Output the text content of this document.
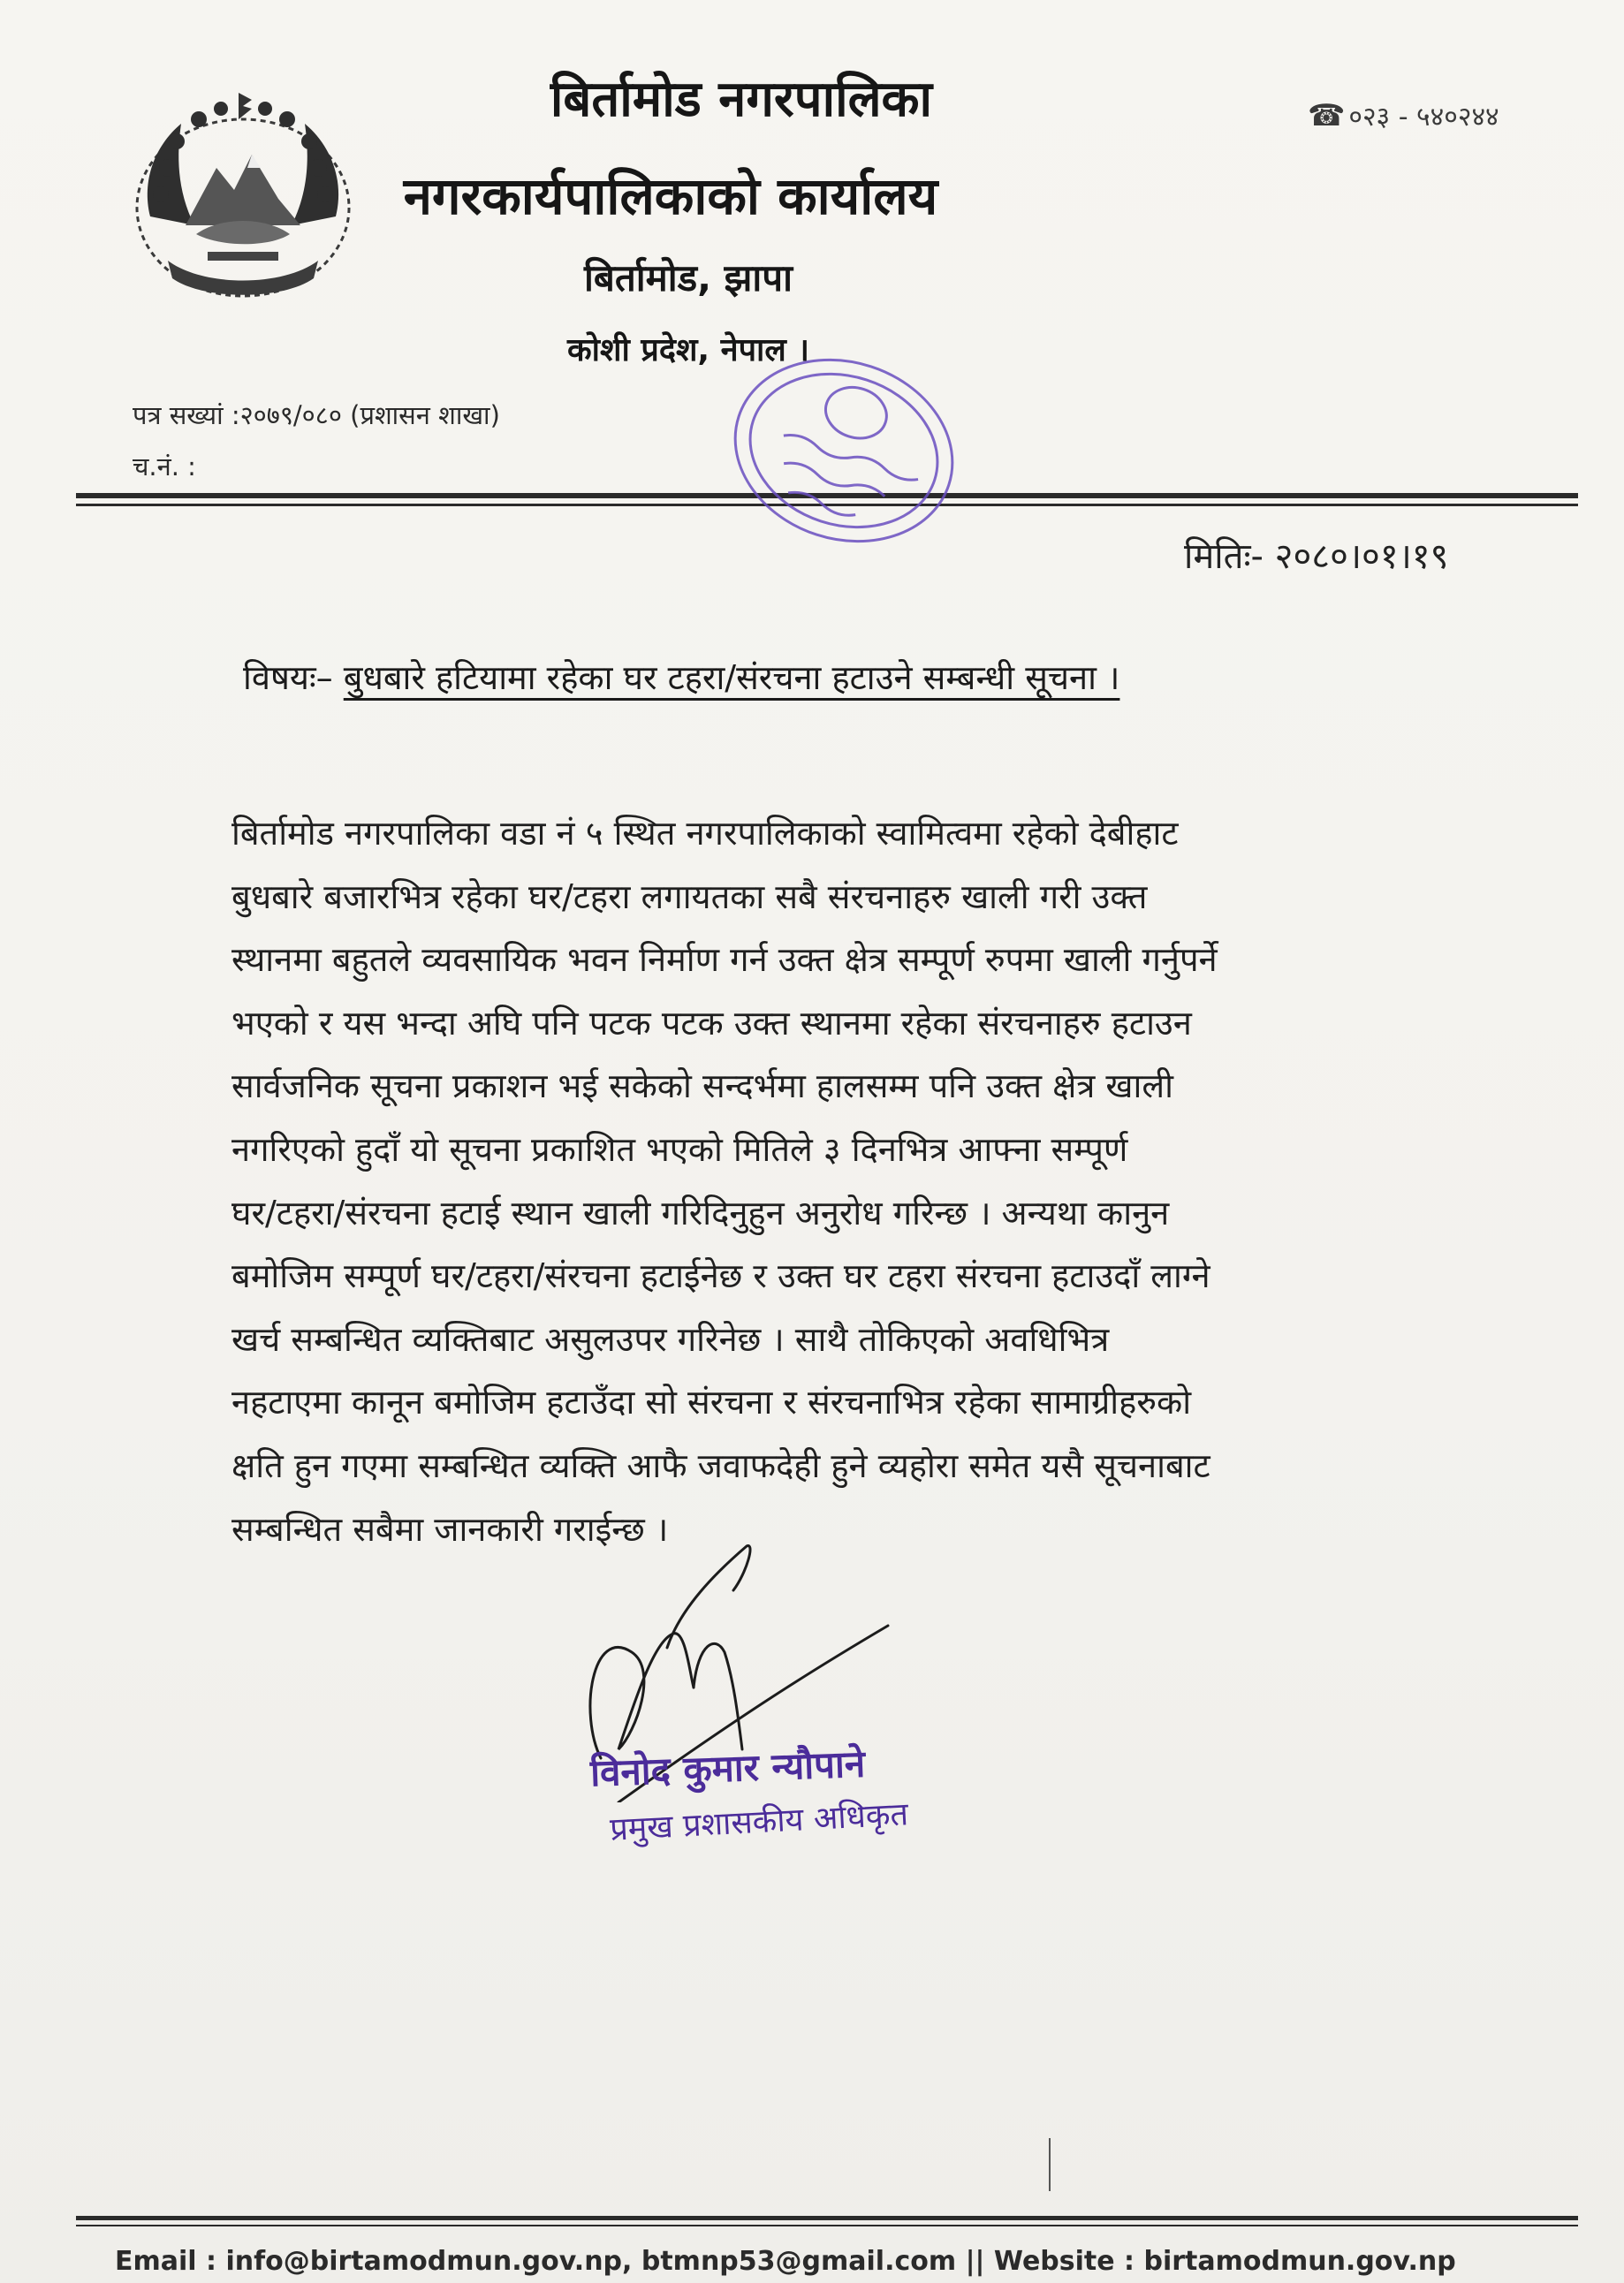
बिर्तामोड नगरपालिका
नगरकार्यपालिकाको कार्यालय
बिर्तामोड, झापा
कोशी प्रदेश, नेपाल ।
☎ ०२३ - ५४०२४४
पत्र सख्यां :२०७९/०८० (प्रशासन शाखा)
च.नं. :
मितिः- २०८०।०१।१९
विषयः– बुधबारे हटियामा रहेका घर टहरा/संरचना हटाउने सम्बन्धी सूचना ।
बिर्तामोड नगरपालिका वडा नं ५ स्थित नगरपालिकाको स्वामित्वमा रहेको देबीहाट
बुधबारे बजारभित्र रहेका घर/टहरा लगायतका सबै संरचनाहरु खाली गरी उक्त
स्थानमा बहुतले व्यवसायिक भवन निर्माण गर्न उक्त क्षेत्र सम्पूर्ण रुपमा खाली गर्नुपर्ने
भएको र यस भन्दा अघि पनि पटक पटक उक्त स्थानमा रहेका संरचनाहरु हटाउन
सार्वजनिक सूचना प्रकाशन भई सकेको सन्दर्भमा हालसम्म पनि उक्त क्षेत्र खाली
नगरिएको हुदाँ यो सूचना प्रकाशित भएको मितिले ३ दिनभित्र आफ्ना सम्पूर्ण
घर/टहरा/संरचना हटाई स्थान खाली गरिदिनुहुन अनुरोध गरिन्छ । अन्यथा कानुन
बमोजिम सम्पूर्ण घर/टहरा/संरचना हटाईनेछ र उक्त घर टहरा संरचना हटाउदाँ लाग्ने
खर्च सम्बन्धित व्यक्तिबाट असुलउपर गरिनेछ । साथै तोकिएको अवधिभित्र
नहटाएमा कानून बमोजिम हटाउँदा सो संरचना र संरचनाभित्र रहेका सामाग्रीहरुको
क्षति हुन गएमा सम्बन्धित व्यक्ति आफै जवाफदेही हुने व्यहोरा समेत यसै सूचनाबाट
सम्बन्धित सबैमा जानकारी गराईन्छ ।
विनोद कुमार न्यौपाने
प्रमुख प्रशासकीय अधिकृत
Email : info@birtamodmun.gov.np, btmnp53@gmail.com || Website : birtamodmun.gov.np
